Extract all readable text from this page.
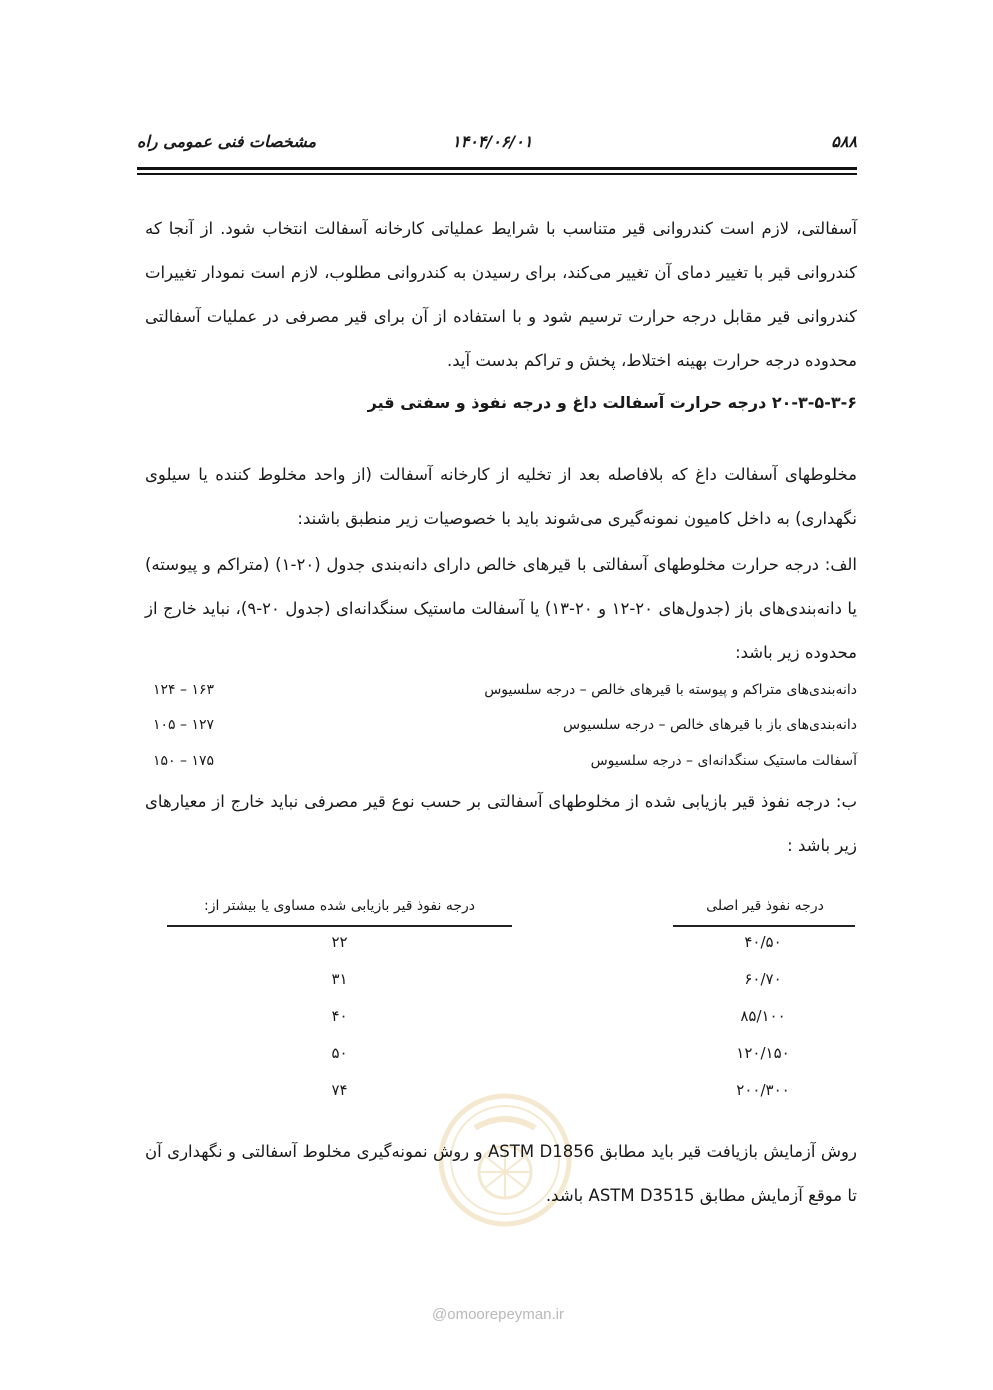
۵۸۸
۱۴۰۴/۰۶/۰۱
مشخصات فنی عمومی راه

آسفالتی، لازم است کندروانی قیر متناسب با شرایط عملیاتی کارخانه آسفالت انتخاب شود. از آنجا که کندروانی قیر با تغییر دمای آن تغییر می‌کند، برای رسیدن به کندروانی مطلوب، لازم است نمودار تغییرات کندروانی قیر مقابل درجه حرارت ترسیم شود و با استفاده از آن برای قیر مصرفی در عملیات آسفالتی محدوده درجه حرارت بهینه اختلاط، پخش و تراکم بدست آید.

۲۰-۳-۵-۳-۶ درجه حرارت آسفالت داغ و درجه نفوذ و سفتی قیر

مخلوطهای آسفالت داغ که بلافاصله بعد از تخلیه از کارخانه آسفالت (از واحد مخلوط کننده یا سیلوی نگهداری) به داخل کامیون نمونه‌گیری می‌شوند باید با خصوصیات زیر منطبق باشند:

الف: درجه حرارت مخلوطهای آسفالتی با قیرهای خالص دارای دانه‌بندی جدول (۲۰-۱) (متراکم و پیوسته) یا دانه‌بندی‌های باز (جدول‌های ۲۰-۱۲ و ۲۰-۱۳) یا آسفالت ماستیک سنگدانه‌ای (جدول ۲۰-۹)، نباید خارج از محدوده زیر باشد:

دانه‌بندی‌های متراکم و پیوسته با قیرهای خالص – درجه سلسیوس
۱۲۴ – ۱۶۳
دانه‌بندی‌های باز با قیرهای خالص – درجه سلسیوس
۱۰۵ – ۱۲۷
آسفالت ماستیک سنگدانه‌ای – درجه سلسیوس
۱۵۰ – ۱۷۵

ب: درجه نفوذ قیر بازیابی شده از مخلوطهای آسفالتی بر حسب نوع قیر مصرفی نباید خارج از معیارهای زیر باشد :

درجه نفوذ قیر اصلی
درجه نفوذ قیر بازیابی شده مساوی یا بیشتر از:
۴۰/۵۰
۲۲
۶۰/۷۰
۳۱
۸۵/۱۰۰
۴۰
۱۲۰/۱۵۰
۵۰
۲۰۰/۳۰۰
۷۴

روش آزمایش بازیافت قیر باید مطابق ASTM D1856 و روش نمونه‌گیری مخلوط آسفالتی و نگهداری آن تا موقع آزمایش مطابق ASTM D3515 باشد.

@omoorepeyman.ir
